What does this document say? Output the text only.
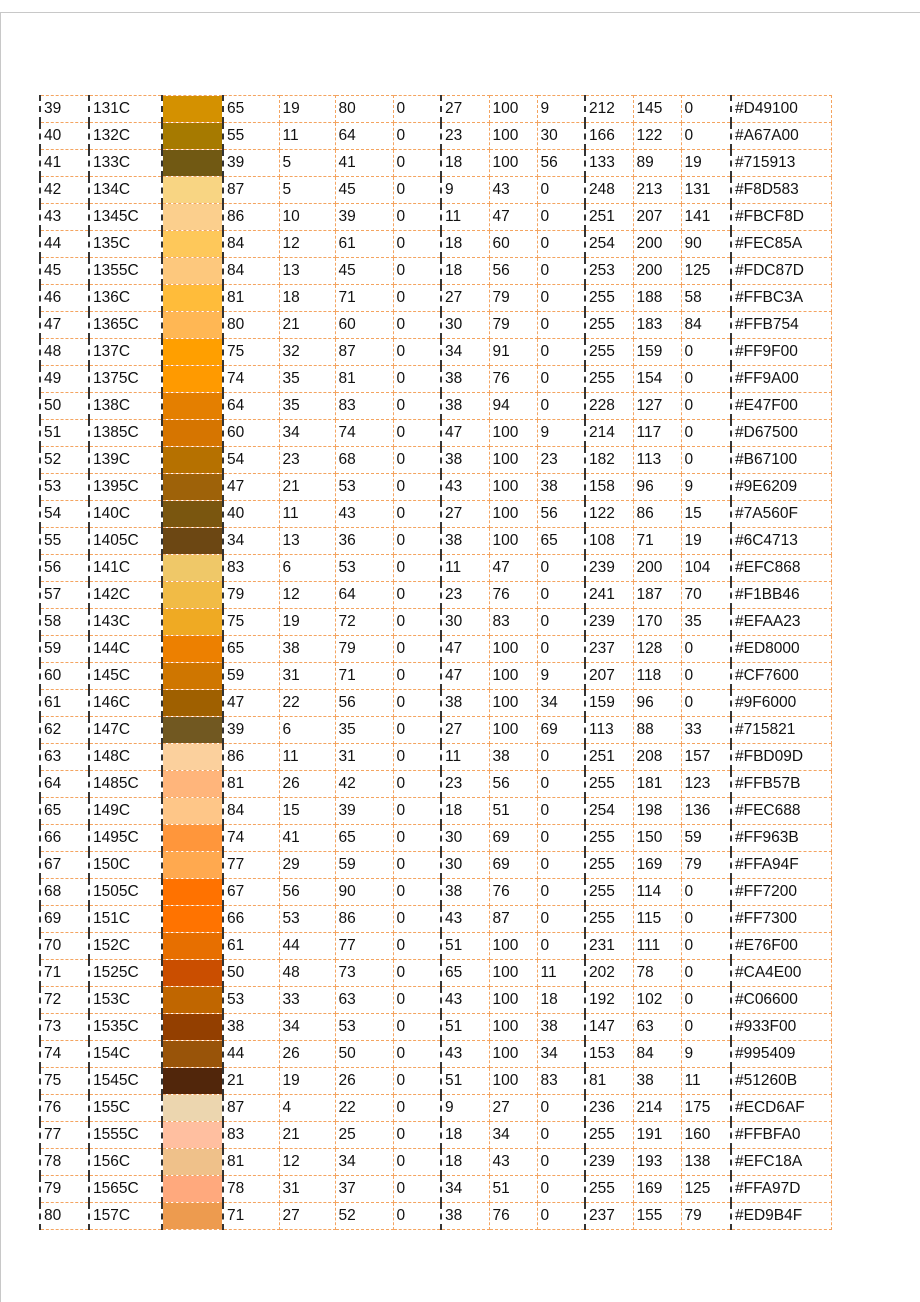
39	131C		65	19	80	0	27	100	9	212	145	0	#D49100
40	132C		55	11	64	0	23	100	30	166	122	0	#A67A00
41	133C		39	5	41	0	18	100	56	133	89	19	#715913
42	134C		87	5	45	0	9	43	0	248	213	131	#F8D583
43	1345C		86	10	39	0	11	47	0	251	207	141	#FBCF8D
44	135C		84	12	61	0	18	60	0	254	200	90	#FEC85A
45	1355C		84	13	45	0	18	56	0	253	200	125	#FDC87D
46	136C		81	18	71	0	27	79	0	255	188	58	#FFBC3A
47	1365C		80	21	60	0	30	79	0	255	183	84	#FFB754
48	137C		75	32	87	0	34	91	0	255	159	0	#FF9F00
49	1375C		74	35	81	0	38	76	0	255	154	0	#FF9A00
50	138C		64	35	83	0	38	94	0	228	127	0	#E47F00
51	1385C		60	34	74	0	47	100	9	214	117	0	#D67500
52	139C		54	23	68	0	38	100	23	182	113	0	#B67100
53	1395C		47	21	53	0	43	100	38	158	96	9	#9E6209
54	140C		40	11	43	0	27	100	56	122	86	15	#7A560F
55	1405C		34	13	36	0	38	100	65	108	71	19	#6C4713
56	141C		83	6	53	0	11	47	0	239	200	104	#EFC868
57	142C		79	12	64	0	23	76	0	241	187	70	#F1BB46
58	143C		75	19	72	0	30	83	0	239	170	35	#EFAA23
59	144C		65	38	79	0	47	100	0	237	128	0	#ED8000
60	145C		59	31	71	0	47	100	9	207	118	0	#CF7600
61	146C		47	22	56	0	38	100	34	159	96	0	#9F6000
62	147C		39	6	35	0	27	100	69	113	88	33	#715821
63	148C		86	11	31	0	11	38	0	251	208	157	#FBD09D
64	1485C		81	26	42	0	23	56	0	255	181	123	#FFB57B
65	149C		84	15	39	0	18	51	0	254	198	136	#FEC688
66	1495C		74	41	65	0	30	69	0	255	150	59	#FF963B
67	150C		77	29	59	0	30	69	0	255	169	79	#FFA94F
68	1505C		67	56	90	0	38	76	0	255	114	0	#FF7200
69	151C		66	53	86	0	43	87	0	255	115	0	#FF7300
70	152C		61	44	77	0	51	100	0	231	111	0	#E76F00
71	1525C		50	48	73	0	65	100	11	202	78	0	#CA4E00
72	153C		53	33	63	0	43	100	18	192	102	0	#C06600
73	1535C		38	34	53	0	51	100	38	147	63	0	#933F00
74	154C		44	26	50	0	43	100	34	153	84	9	#995409
75	1545C		21	19	26	0	51	100	83	81	38	11	#51260B
76	155C		87	4	22	0	9	27	0	236	214	175	#ECD6AF
77	1555C		83	21	25	0	18	34	0	255	191	160	#FFBFA0
78	156C		81	12	34	0	18	43	0	239	193	138	#EFC18A
79	1565C		78	31	37	0	34	51	0	255	169	125	#FFA97D
80	157C		71	27	52	0	38	76	0	237	155	79	#ED9B4F
